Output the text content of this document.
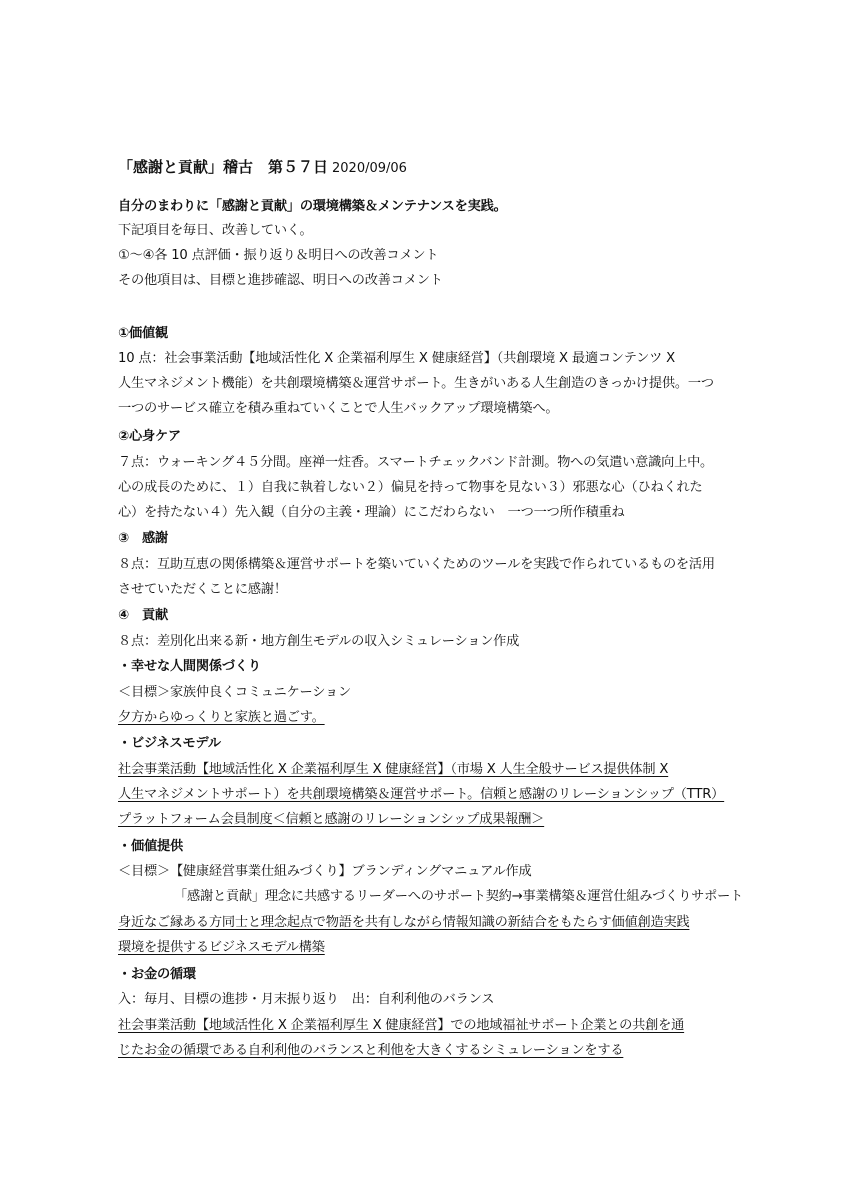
「感謝と貢献」稽古　第５７日 2020/09/06
自分のまわりに「感謝と貢献」の環境構築＆メンテナンスを実践。
下記項目を毎日、改善していく。
①～④各 10 点評価・振り返り＆明日への改善コメント
その他項目は、目標と進捗確認、明日への改善コメント
①価値観
10 点：社会事業活動【地域活性化 X 企業福利厚生 X 健康経営】（共創環境 X 最適コンテンツ X
人生マネジメント機能）を共創環境構築＆運営サポート。生きがいある人生創造のきっかけ提供。一つ
一つのサービス確立を積み重ねていくことで人生バックアップ環境構築へ。
②心身ケア
７点：ウォーキング４５分間。座禅一炷香。スマートチェックバンド計測。物への気遣い意識向上中。
心の成長のために、１）自我に執着しない２）偏見を持って物事を見ない３）邪悪な心（ひねくれた
心）を持たない４）先入観（自分の主義・理論）にこだわらない　一つ一つ所作積重ね
③　感謝
８点：互助互恵の関係構築＆運営サポートを築いていくためのツールを実践で作られているものを活用
させていただくことに感謝！
④　貢献
８点：差別化出来る新・地方創生モデルの収入シミュレーション作成
・幸せな人間関係づくり
＜目標＞家族仲良くコミュニケーション
夕方からゆっくりと家族と過ごす。
・ビジネスモデル
社会事業活動【地域活性化 X 企業福利厚生 X 健康経営】（市場 X 人生全般サービス提供体制 X
人生マネジメントサポート）を共創環境構築＆運営サポート。信頼と感謝のリレーションシップ（TTR）
プラットフォーム会員制度＜信頼と感謝のリレーションシップ成果報酬＞
・価値提供
＜目標＞【健康経営事業仕組みづくり】ブランディングマニュアル作成
「感謝と貢献」理念に共感するリーダーへのサポート契約→事業構築＆運営仕組みづくりサポート
身近なご縁ある方同士と理念起点で物語を共有しながら情報知識の新結合をもたらす価値創造実践
環境を提供するビジネスモデル構築
・お金の循環
入：毎月、目標の進捗・月末振り返り　出：自利利他のバランス
社会事業活動【地域活性化 X 企業福利厚生 X 健康経営】での地域福祉サポート企業との共創を通
じたお金の循環である自利利他のバランスと利他を大きくするシミュレーションをする
